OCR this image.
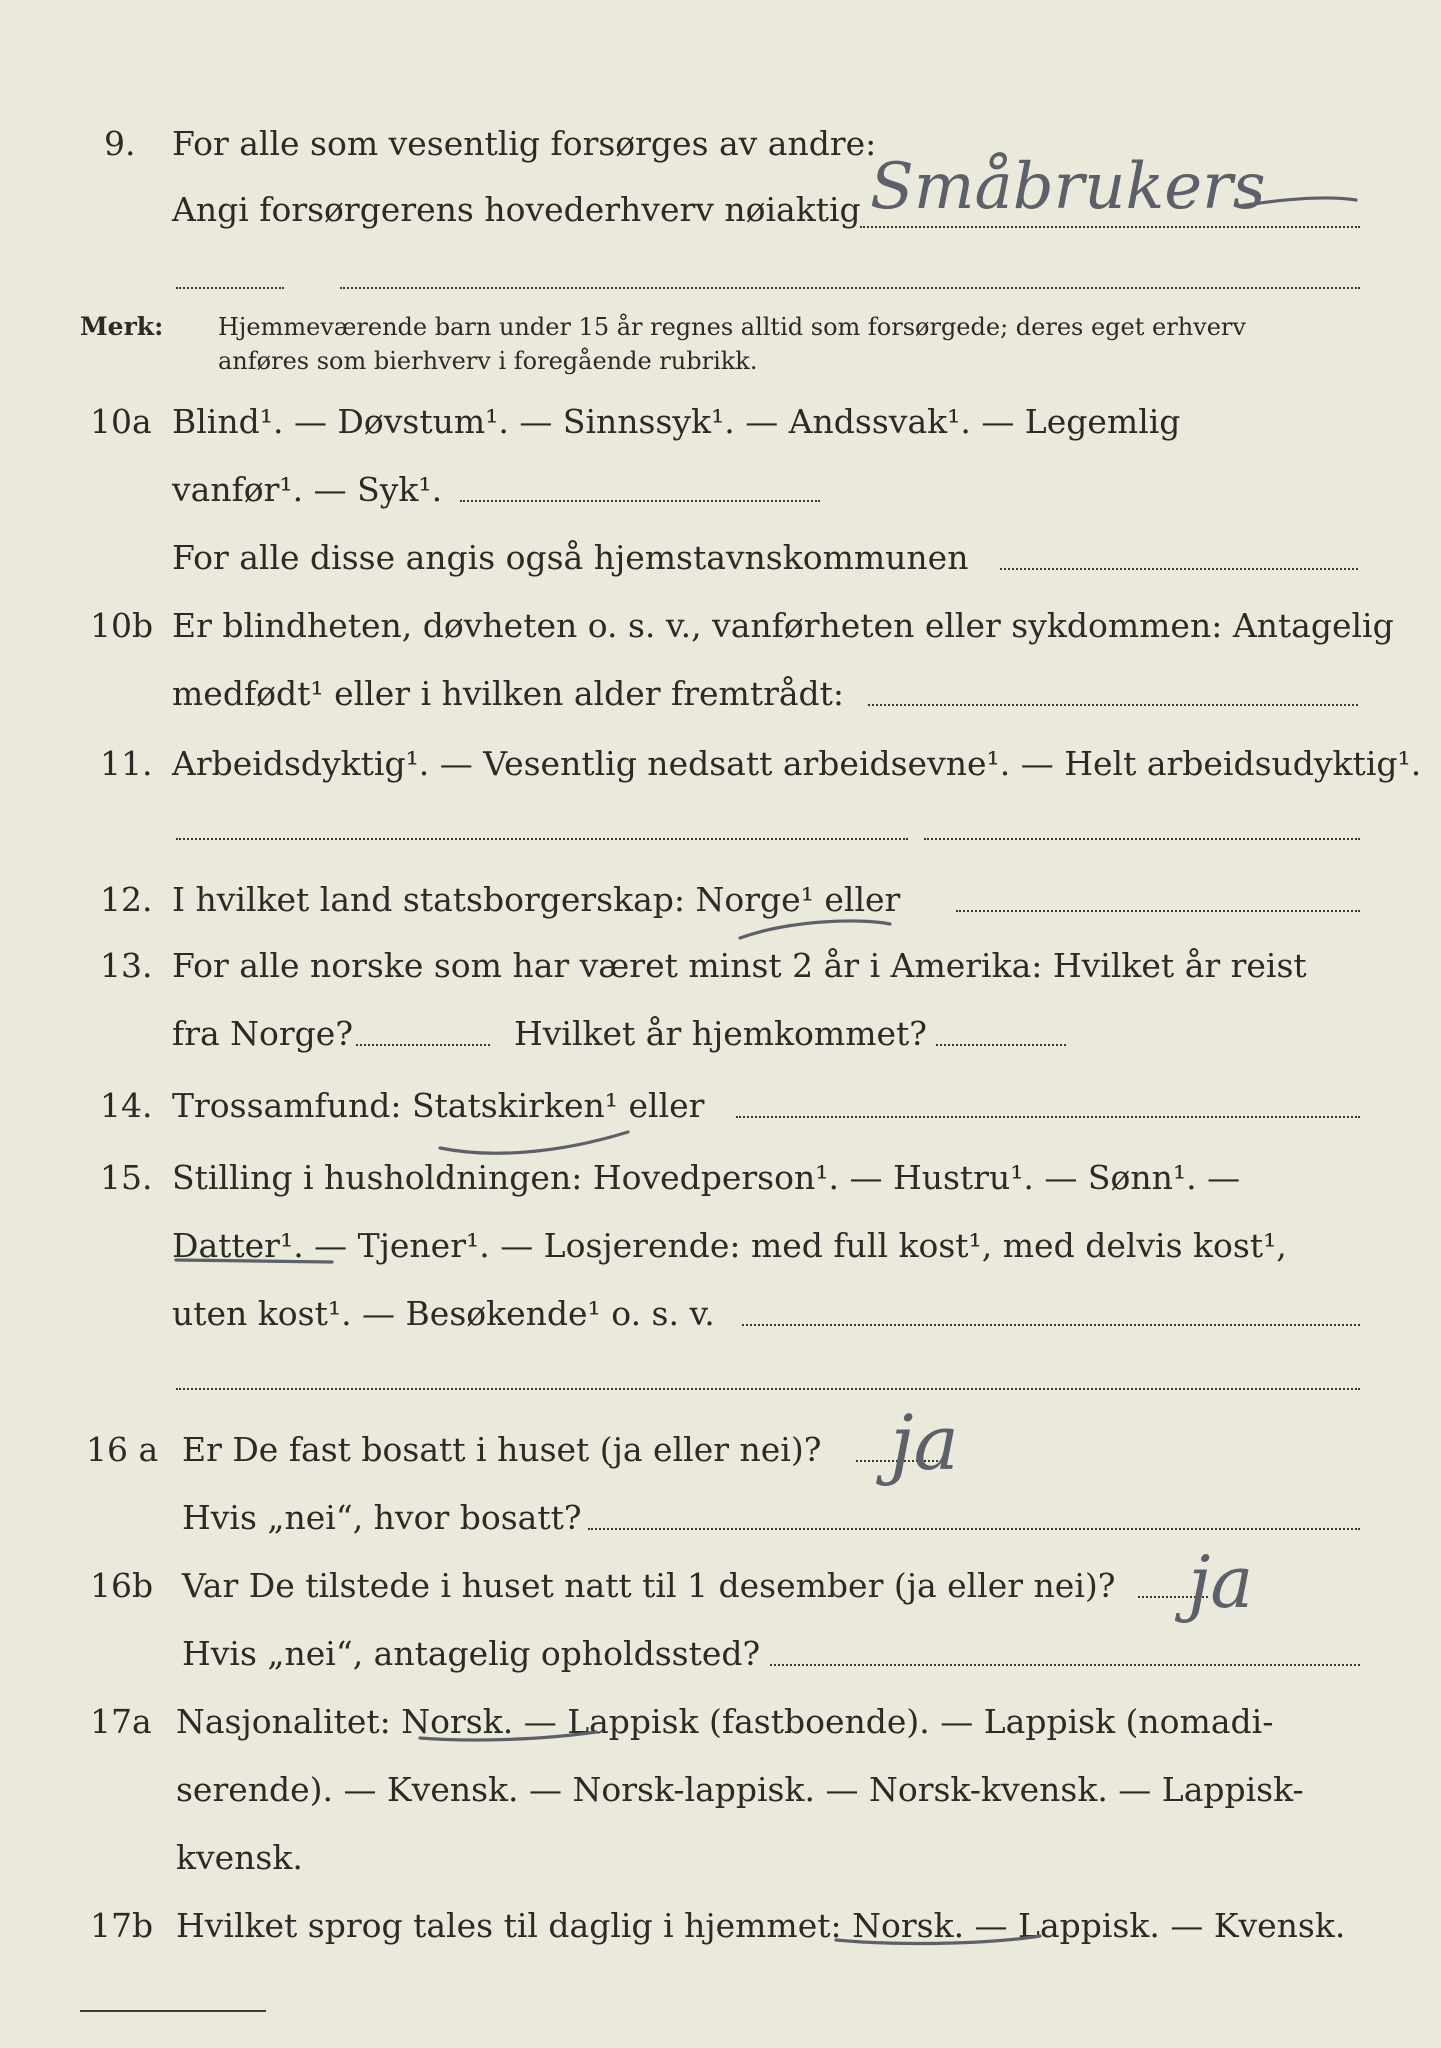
9. For alle som vesentlig forsørges av andre:
Angi forsørgerens hovederhverv nøiaktig Småbrukers
Merk: Hjemmeværende barn under 15 år regnes alltid som forsørgede; deres eget erhverv
anføres som bierhverv i foregående rubrikk.
10a Blind¹. — Døvstum¹. — Sinnssyk¹. — Andssvak¹. — Legemlig
vanfør¹. — Syk¹.
For alle disse angis også hjemstavnskommunen
10b Er blindheten, døvheten o. s. v., vanførheten eller sykdommen: Antagelig
medfødt¹ eller i hvilken alder fremtrådt:
11. Arbeidsdyktig¹. — Vesentlig nedsatt arbeidsevne¹. — Helt arbeidsudyktig¹.
12. I hvilket land statsborgerskap: Norge¹ eller
13. For alle norske som har været minst 2 år i Amerika: Hvilket år reist
fra Norge?	Hvilket år hjemkommet?
14. Trossamfund: Statskirken¹ eller
15. Stilling i husholdningen: Hovedperson¹. — Hustru¹. — Sønn¹. —
Datter¹. — Tjener¹. — Losjerende: med full kost¹, med delvis kost¹,
uten kost¹. — Besøkende¹ o. s. v.
16 a Er De fast bosatt i huset (ja eller nei)?
Hvis „nei“, hvor bosatt?
ja
16b Var De tilstede i huset natt til 1 desember (ja eller nei)?
Hvis „nei“, antagelig opholdssted?
ja
17a Nasjonalitet: Norsk. — Lappisk (fastboende). — Lappisk (nomadi-
serende). — Kvensk. — Norsk-lappisk. — Norsk-kvensk. — Lappisk-
kvensk.
17b Hvilket sprog tales til daglig i hjemmet: Norsk. — Lappisk. — Kvensk.
